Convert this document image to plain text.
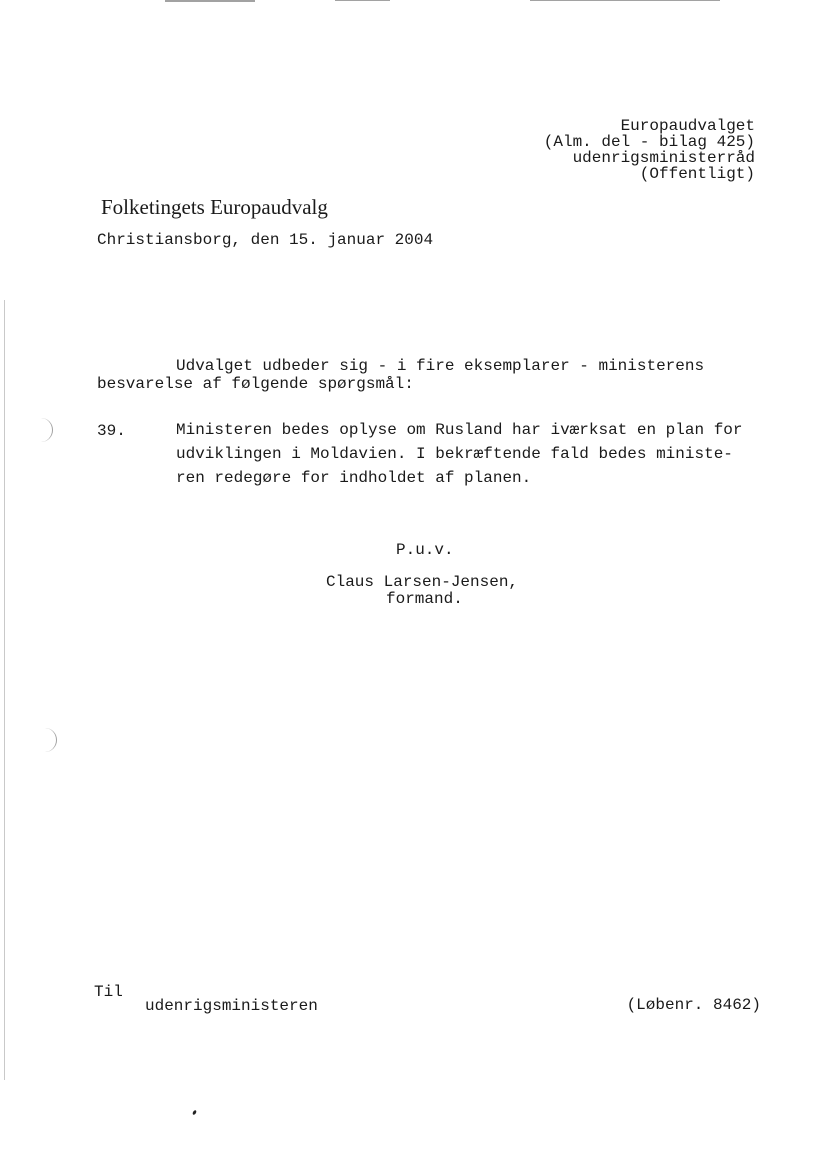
Europaudvalget
(Alm. del - bilag 425)
udenrigsministerråd
(Offentligt)
Folketingets Europaudvalg
Christiansborg, den 15. januar 2004
Udvalget udbeder sig - i fire eksemplarer - ministerens
besvarelse af følgende spørgsmål:
39.	Ministeren bedes oplyse om Rusland har iværksat en plan for
udviklingen i Moldavien. I bekræftende fald bedes ministe-
ren redegøre for indholdet af planen.
P.u.v.
Claus Larsen-Jensen,
formand.
Til
udenrigsministeren	(Løbenr. 8462)
